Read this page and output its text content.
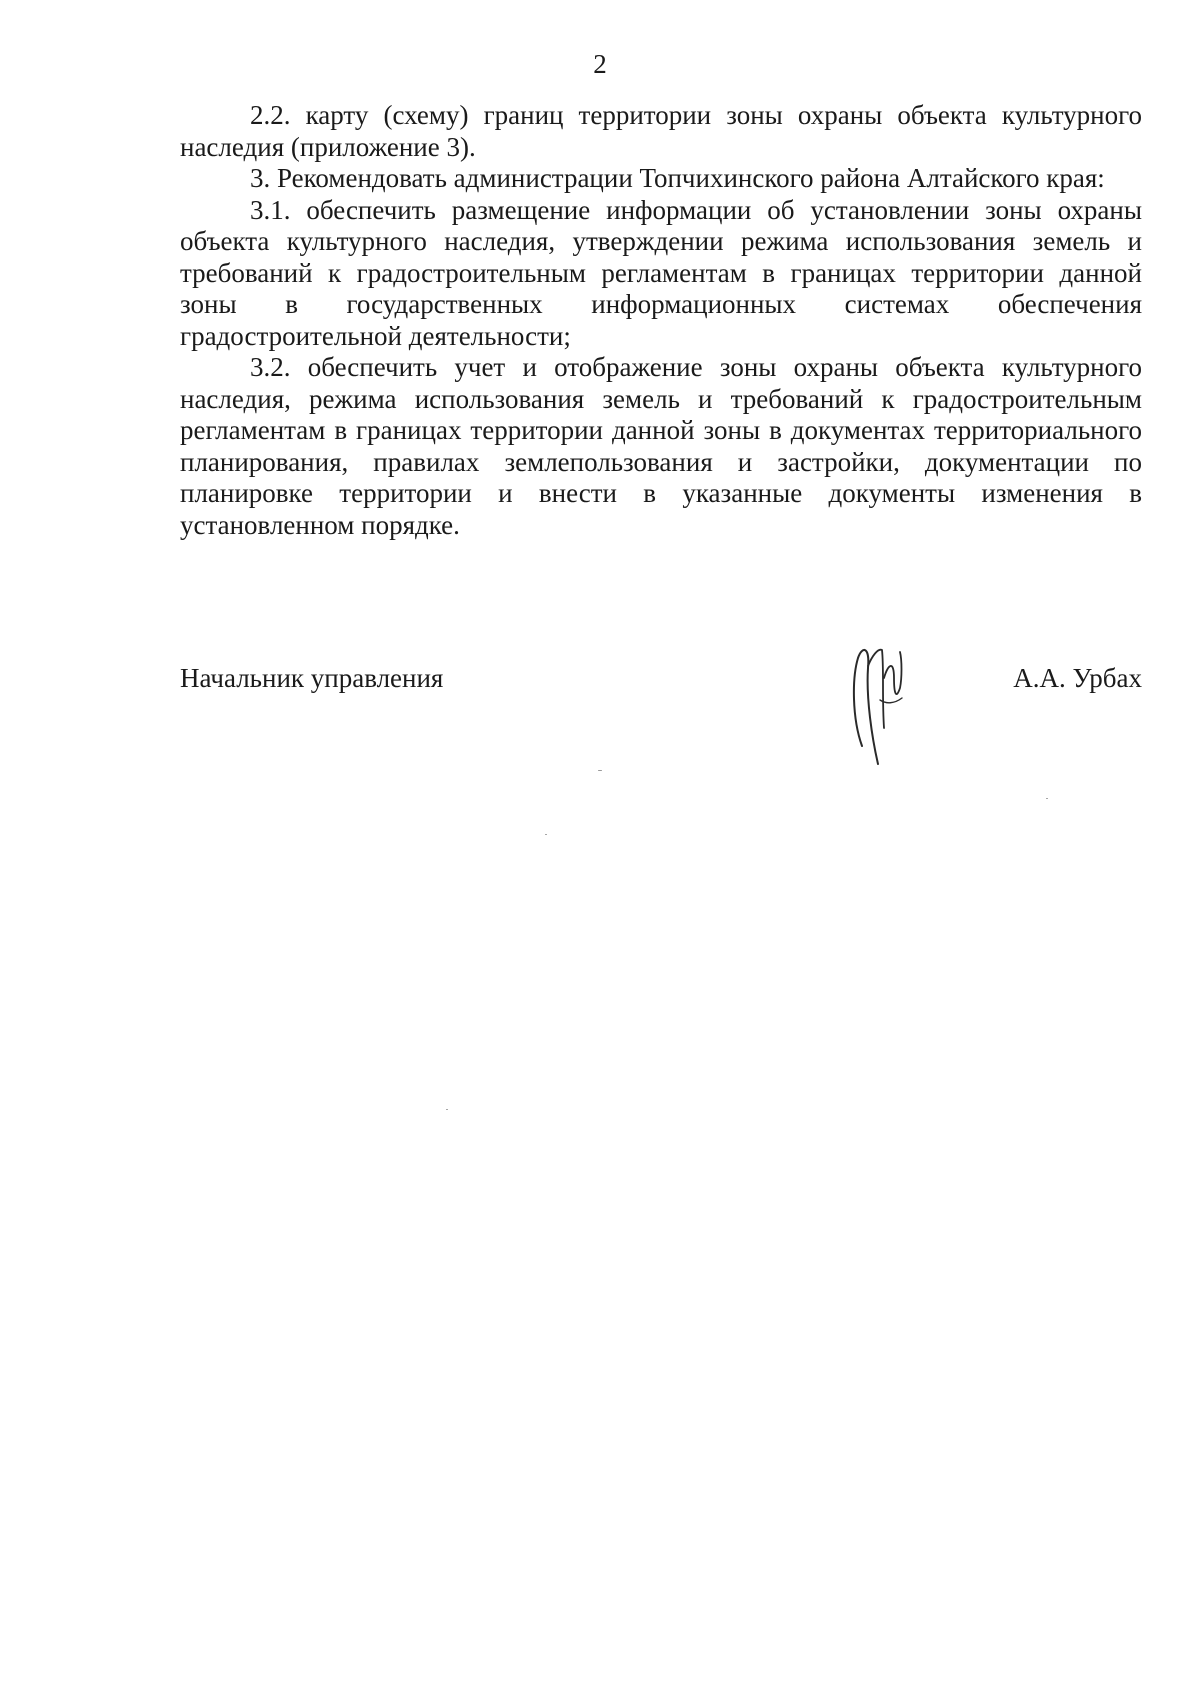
2

2.2. карту (схему) границ территории зоны охраны объекта культурного наследия (приложение 3).

3. Рекомендовать администрации Топчихинского района Алтайского края:

3.1. обеспечить размещение информации об установлении зоны охраны объекта культурного наследия, утверждении режима использования земель и требований к градостроительным регламентам в границах территории данной зоны в государственных информационных системах обеспечения градостроительной деятельности;

3.2. обеспечить учет и отображение зоны охраны объекта культурного наследия, режима использования земель и требований к градостроительным регламентам в границах территории данной зоны в документах территориального планирования, правилах землепользования и застройки, документации по планировке территории и внести в указанные документы изменения в установленном порядке.

Начальник управления	А.А. Урбах
